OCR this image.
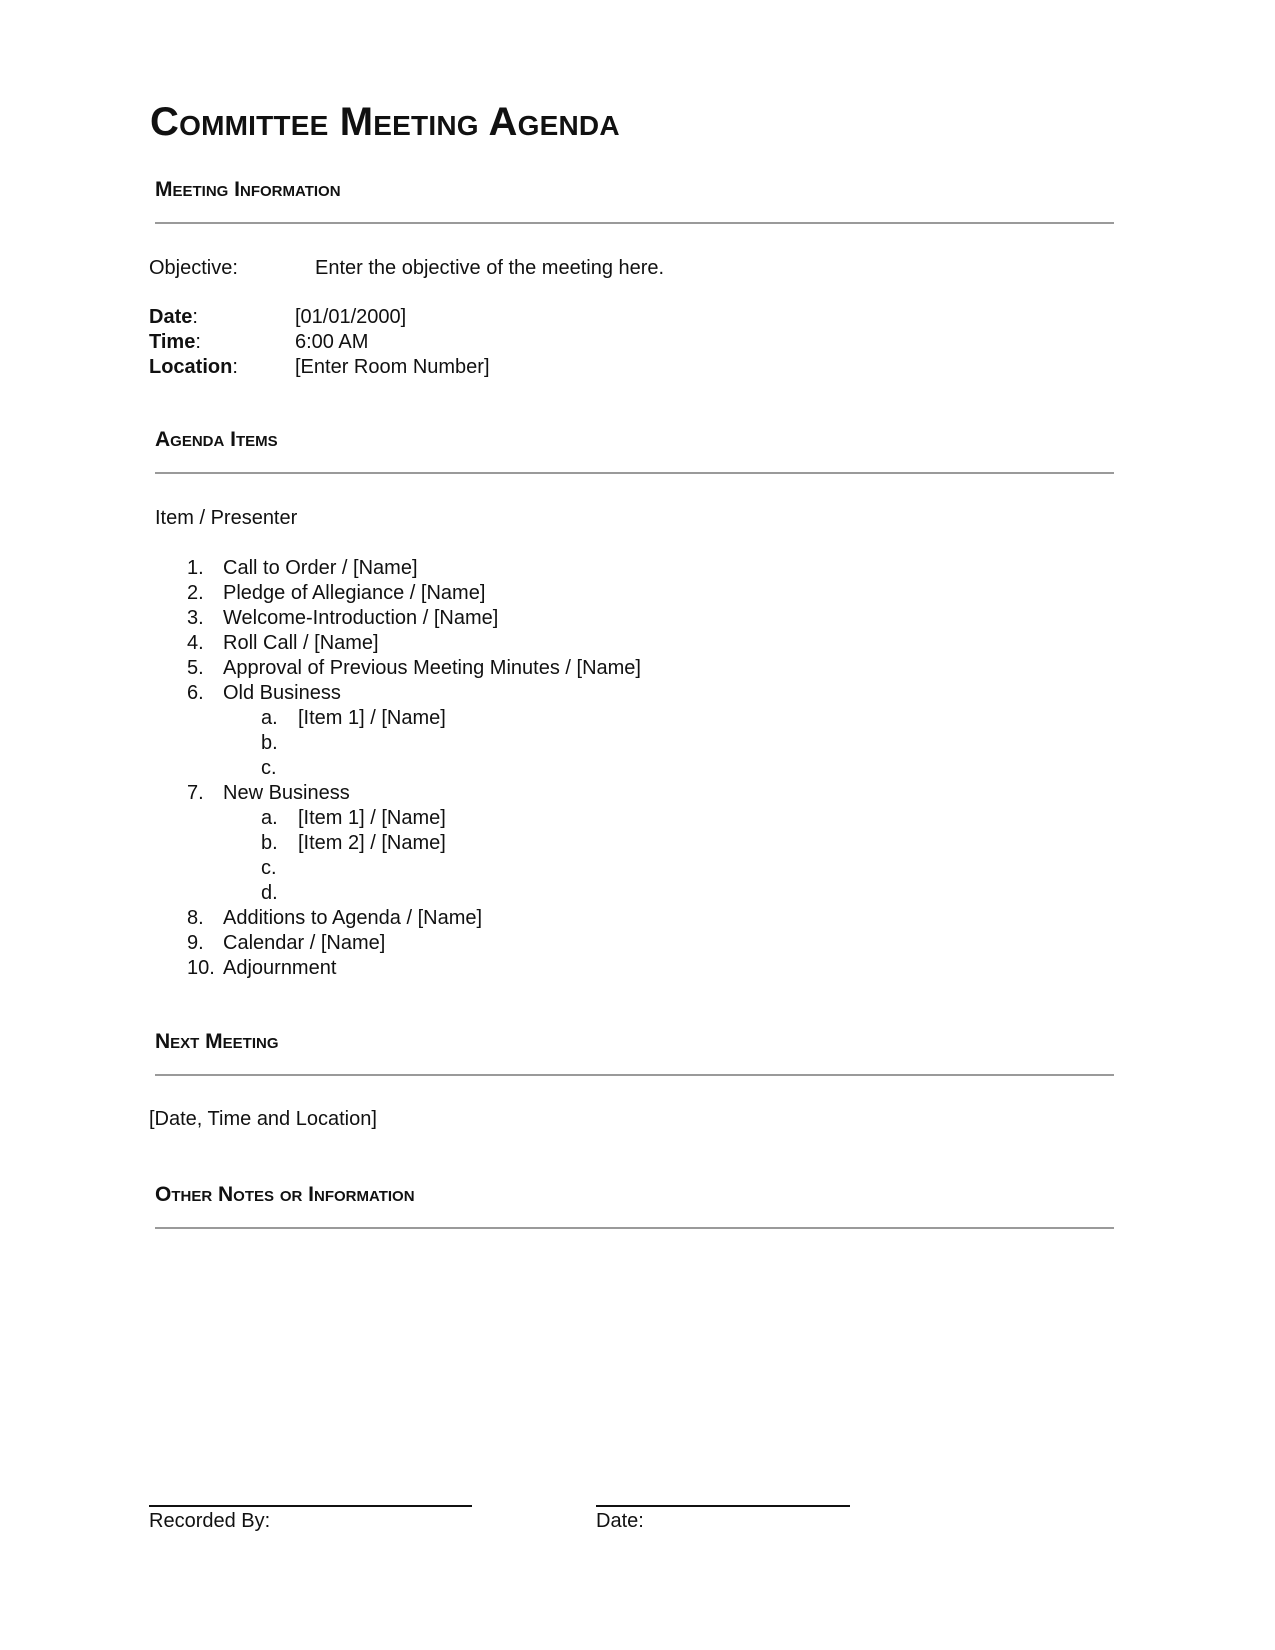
Committee Meeting Agenda
Meeting Information
Objective:	Enter the objective of the meeting here.
Date:	[01/01/2000]
Time:	6:00 AM
Location:	[Enter Room Number]
Agenda Items
Item / Presenter
1. Call to Order / [Name]
2. Pledge of Allegiance / [Name]
3. Welcome-Introduction / [Name]
4. Roll Call / [Name]
5. Approval of Previous Meeting Minutes / [Name]
6. Old Business
a. [Item 1] / [Name]
b.
c.
7. New Business
a. [Item 1] / [Name]
b. [Item 2] / [Name]
c.
d.
8. Additions to Agenda / [Name]
9. Calendar / [Name]
10. Adjournment
Next Meeting
[Date, Time and Location]
Other Notes or Information
Recorded By:	Date:
